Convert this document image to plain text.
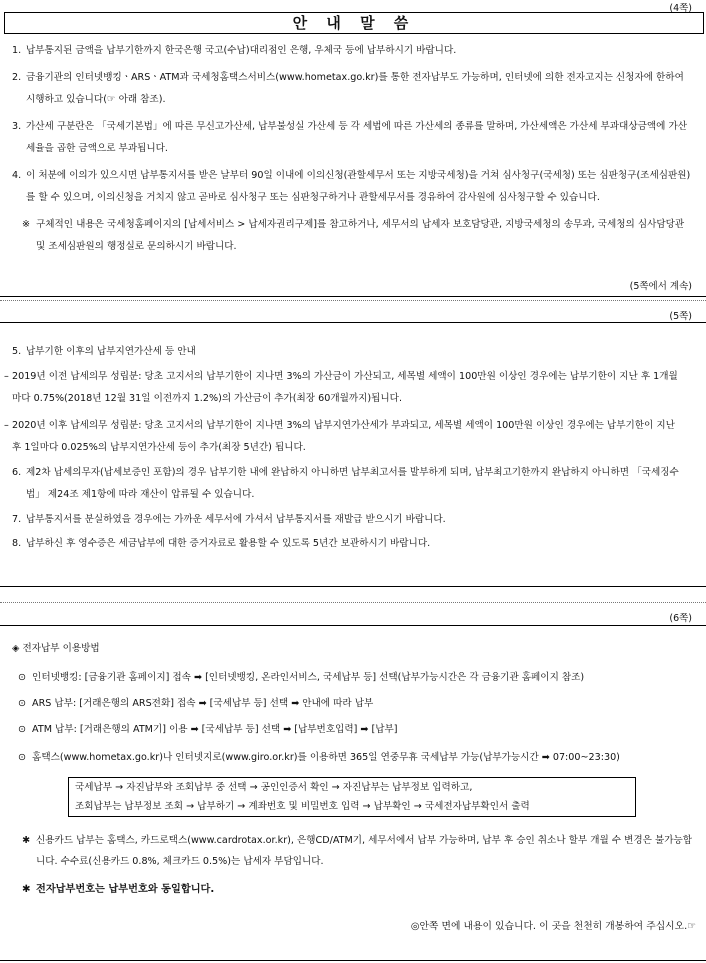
(4쪽)
안 내 말 씀

1. 납부통지된 금액을 납부기한까지 한국은행 국고(수납)대리점인 은행, 우체국 등에 납부하시기 바랍니다.

2. 금융기관의 인터넷뱅킹ㆍARSㆍATM과 국세청홈택스서비스(www.hometax.go.kr)를 통한 전자납부도 가능하며, 인터넷에 의한 전자고지는 신청자에 한하여 시행하고 있습니다(☞ 아래 참조).

3. 가산세 구분란은 「국세기본법」에 따른 무신고가산세, 납부불성실 가산세 등 각 세법에 따른 가산세의 종류를 말하며, 가산세액은 가산세 부과대상금액에 가산세율을 곱한 금액으로 부과됩니다.

4. 이 처분에 이의가 있으시면 납부통지서를 받은 날부터 90일 이내에 이의신청(관할세무서 또는 지방국세청)을 거쳐 심사청구(국세청) 또는 심판청구(조세심판원)를 할 수 있으며, 이의신청을 거치지 않고 곧바로 심사청구 또는 심판청구하거나 관할세무서를 경유하여 감사원에 심사청구할 수 있습니다.

※ 구체적인 내용은 국세청홈페이지의 [납세서비스 > 납세자권리구제]를 참고하거나, 세무서의 납세자 보호담당관, 지방국세청의 송무과, 국세청의 심사담당관 및 조세심판원의 행정실로 문의하시기 바랍니다.

(5쪽에서 계속)
(5쪽)

5. 납부기한 이후의 납부지연가산세 등 안내

– 2019년 이전 납세의무 성립분: 당초 고지서의 납부기한이 지나면 3%의 가산금이 가산되고, 세목별 세액이 100만원 이상인 경우에는 납부기한이 지난 후 1개월마다 0.75%(2018년 12월 31일 이전까지 1.2%)의 가산금이 추가(최장 60개월까지)됩니다.

– 2020년 이후 납세의무 성립분: 당초 고지서의 납부기한이 지나면 3%의 납부지연가산세가 부과되고, 세목별 세액이 100만원 이상인 경우에는 납부기한이 지난 후 1일마다 0.025%의 납부지연가산세 등이 추가(최장 5년간) 됩니다.

6. 제2차 납세의무자(납세보증인 포함)의 경우 납부기한 내에 완납하지 아니하면 납부최고서를 발부하게 되며, 납부최고기한까지 완납하지 아니하면 「국세징수법」 제24조 제1항에 따라 재산이 압류될 수 있습니다.

7. 납부통지서를 분실하였을 경우에는 가까운 세무서에 가셔서 납부통지서를 재발급 받으시기 바랍니다.

8. 납부하신 후 영수증은 세금납부에 대한 증거자료로 활용할 수 있도록 5년간 보관하시기 바랍니다.

(6쪽)
◈ 전자납부 이용방법
⊙ 인터넷뱅킹: [금융기관 홈페이지] 접속 ➡ [인터넷뱅킹, 온라인서비스, 국세납부 등] 선택(납부가능시간은 각 금융기관 홈페이지 참조)
⊙ ARS 납부: [거래은행의 ARS전화] 접속 ➡ [국세납부 등] 선택 ➡ 안내에 따라 납부
⊙ ATM 납부: [거래은행의 ATM기] 이용 ➡ [국세납부 등] 선택 ➡ [납부번호입력] ➡ [납부]
⊙ 홈택스(www.hometax.go.kr)나 인터넷지로(www.giro.or.kr)를 이용하면 365일 연중무휴 국세납부 가능(납부가능시간 ➡ 07:00~23:30)
국세납부 → 자진납부와 조회납부 중 선택 → 공인인증서 확인 → 자진납부는 납부정보 입력하고,
조회납부는 납부정보 조회 → 납부하기 → 계좌번호 및 비밀번호 입력 → 납부확인 → 국세전자납부확인서 출력

✱ 신용카드 납부는 홈택스, 카드로택스(www.cardrotax.or.kr), 은행CD/ATM기, 세무서에서 납부 가능하며, 납부 후 승인 취소나 할부 개월 수 변경은 불가능합니다. 수수료(신용카드 0.8%, 체크카드 0.5%)는 납세자 부담입니다.

✱ 전자납부번호는 납부번호와 동일합니다.

◎안쪽 면에 내용이 있습니다. 이 곳을 천천히 개봉하여 주십시오.☞
